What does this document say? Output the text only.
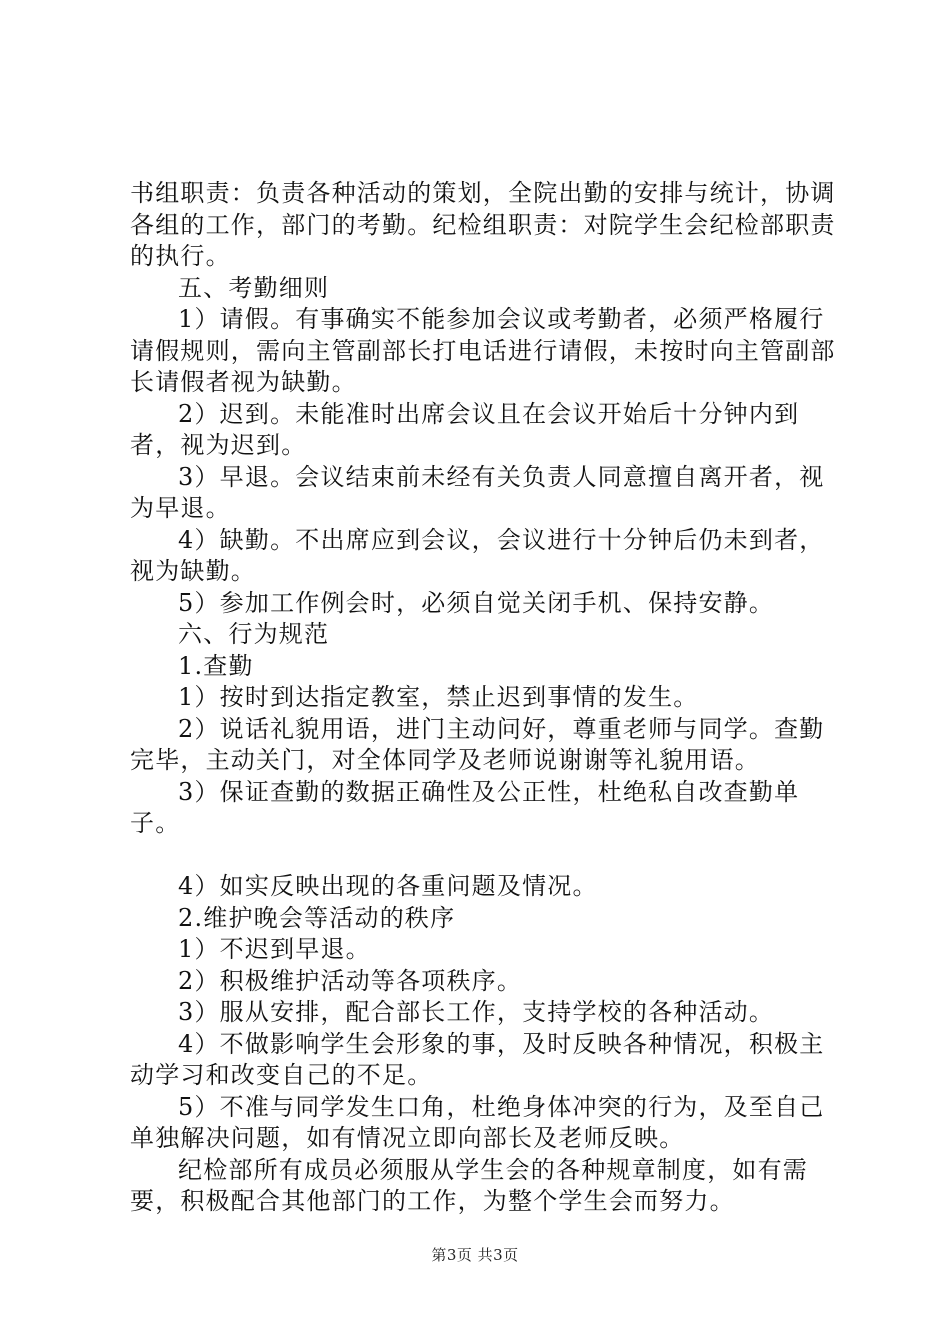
书组职责：负责各种活动的策划，全院出勤的安排与统计，协调各组的工作，部门的考勤。纪检组职责：对院学生会纪检部职责的执行。

五、考勤细则

1）请假。有事确实不能参加会议或考勤者，必须严格履行请假规则，需向主管副部长打电话进行请假，未按时向主管副部长请假者视为缺勤。

2）迟到。未能准时出席会议且在会议开始后十分钟内到者，视为迟到。

3）早退。会议结束前未经有关负责人同意擅自离开者，视为早退。

4）缺勤。不出席应到会议，会议进行十分钟后仍未到者，视为缺勤。

5）参加工作例会时，必须自觉关闭手机、保持安静。

六、行为规范

1.查勤

1）按时到达指定教室，禁止迟到事情的发生。

2）说话礼貌用语，进门主动问好，尊重老师与同学。查勤完毕，主动关门，对全体同学及老师说谢谢等礼貌用语。

3）保证查勤的数据正确性及公正性，杜绝私自改查勤单子。

4）如实反映出现的各重问题及情况。

2.维护晚会等活动的秩序

1）不迟到早退。

2）积极维护活动等各项秩序。

3）服从安排，配合部长工作，支持学校的各种活动。

4）不做影响学生会形象的事，及时反映各种情况，积极主动学习和改变自己的不足。

5）不准与同学发生口角，杜绝身体冲突的行为，及至自己单独解决问题，如有情况立即向部长及老师反映。

纪检部所有成员必须服从学生会的各种规章制度，如有需要，积极配合其他部门的工作，为整个学生会而努力。

第3页 共3页
